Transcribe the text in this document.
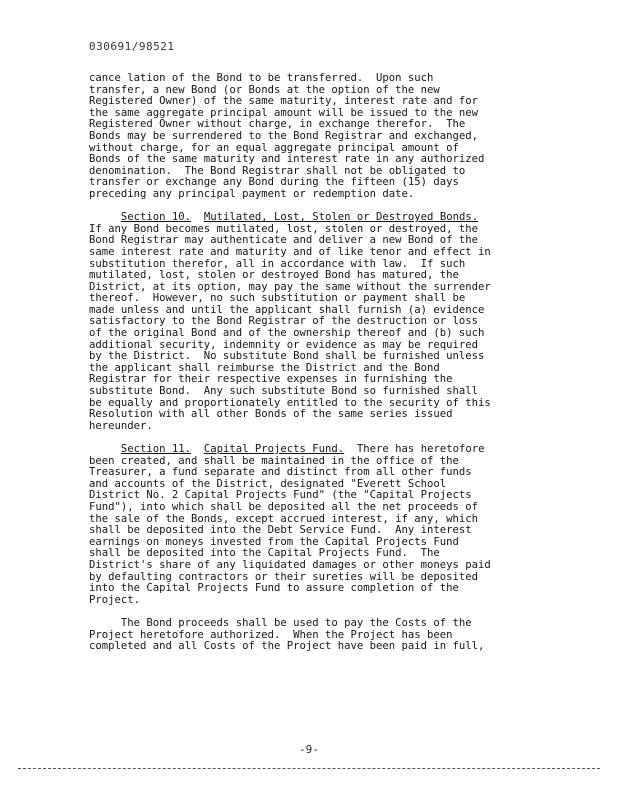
030691/98521
cance lation of the Bond to be transferred.  Upon such
transfer, a new Bond (or Bonds at the option of the new
Registered Owner) of the same maturity, interest rate and for
the same aggregate principal amount will be issued to the new
Registered Owner without charge, in exchange therefor.  The
Bonds may be surrendered to the Bond Registrar and exchanged,
without charge, for an equal aggregate principal amount of
Bonds of the same maturity and interest rate in any authorized
denomination.  The Bond Registrar shall not be obligated to
transfer or exchange any Bond during the fifteen (15) days
preceding any principal payment or redemption date.
Section 10. Mutilated, Lost, Stolen or Destroyed Bonds.
If any Bond becomes mutilated, lost, stolen or destroyed, the
Bond Registrar may authenticate and deliver a new Bond of the
same interest rate and maturity and of like tenor and effect in
substitution therefor, all in accordance with law.  If such
mutilated, lost, stolen or destroyed Bond has matured, the
District, at its option, may pay the same without the surrender
thereof.  However, no such substitution or payment shall be
made unless and until the applicant shall furnish (a) evidence
satisfactory to the Bond Registrar of the destruction or loss
of the original Bond and of the ownership thereof and (b) such
additional security, indemnity or evidence as may be required
by the District.  No substitute Bond shall be furnished unless
the applicant shall reimburse the District and the Bond
Registrar for their respective expenses in furnishing the
substitute Bond.  Any such substitute Bond so furnished shall
be equally and proportionately entitled to the security of this
Resolution with all other Bonds of the same series issued
hereunder.
Section 11. Capital Projects Fund.  There has heretofore
been created, and shall be maintained in the office of the
Treasurer, a fund separate and distinct from all other funds
and accounts of the District, designated "Everett School
District No. 2 Capital Projects Fund" (the "Capital Projects
Fund"), into which shall be deposited all the net proceeds of
the sale of the Bonds, except accrued interest, if any, which
shall be deposited into the Debt Service Fund.  Any interest
earnings on moneys invested from the Capital Projects Fund
shall be deposited into the Capital Projects Fund.  The
District's share of any liquidated damages or other moneys paid
by defaulting contractors or their sureties will be deposited
into the Capital Projects Fund to assure completion of the
Project.
The Bond proceeds shall be used to pay the Costs of the
Project heretofore authorized.  When the Project has been
completed and all Costs of the Project have been paid in full,
-9-
